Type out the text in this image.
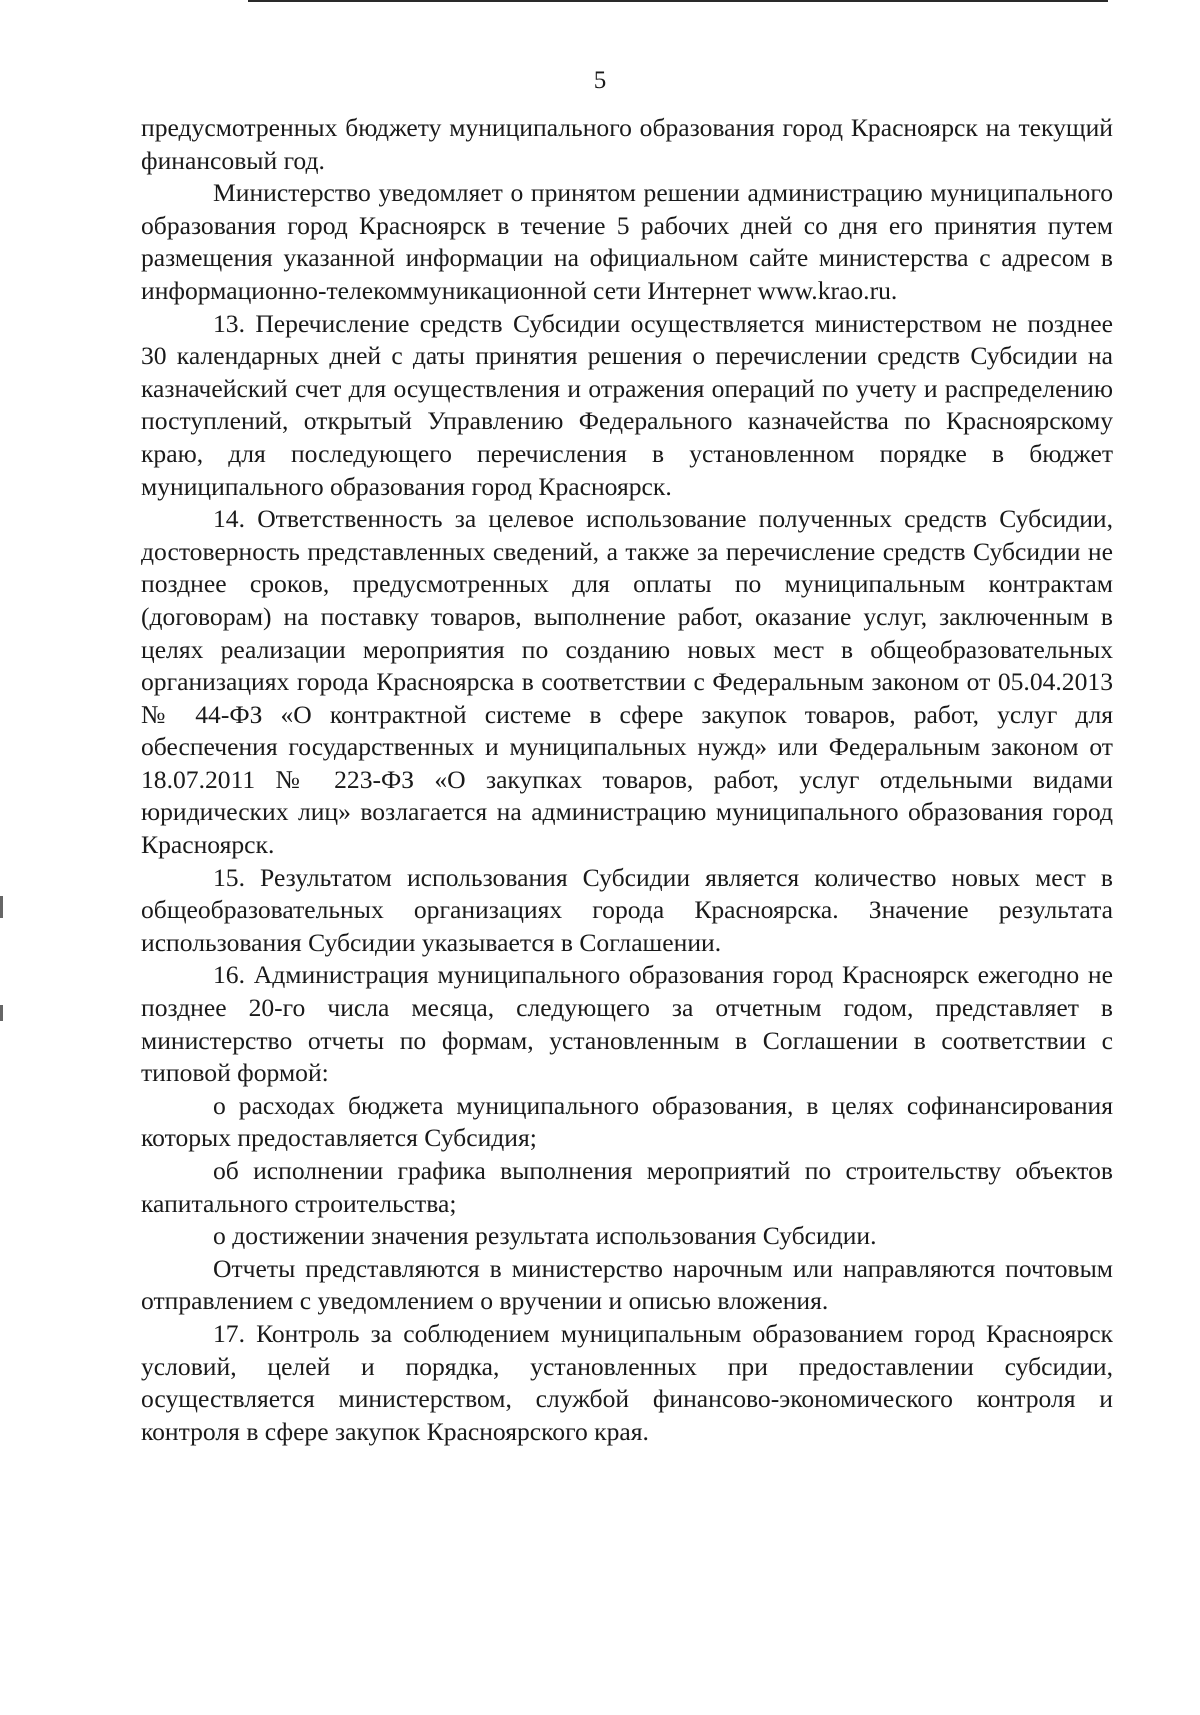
5

предусмотренных бюджету муниципального образования город Красноярск на текущий финансовый год.

Министерство уведомляет о принятом решении администрацию муниципального образования город Красноярск в течение 5 рабочих дней со дня его принятия путем размещения указанной информации на официальном сайте министерства с адресом в информационно-телекоммуникационной сети Интернет www.krao.ru.

13. Перечисление средств Субсидии осуществляется министерством не позднее 30 календарных дней с даты принятия решения о перечислении средств Субсидии на казначейский счет для осуществления и отражения операций по учету и распределению поступлений, открытый Управлению Федерального казначейства по Красноярскому краю, для последующего перечисления в установленном порядке в бюджет муниципального образования город Красноярск.

14. Ответственность за целевое использование полученных средств Субсидии, достоверность представленных сведений, а также за перечисление средств Субсидии не позднее сроков, предусмотренных для оплаты по муниципальным контрактам (договорам) на поставку товаров, выполнение работ, оказание услуг, заключенным в целях реализации мероприятия по созданию новых мест в общеобразовательных организациях города Красноярска в соответствии с Федеральным законом от 05.04.2013 № 44-ФЗ «О контрактной системе в сфере закупок товаров, работ, услуг для обеспечения государственных и муниципальных нужд» или Федеральным законом от 18.07.2011 № 223-ФЗ «О закупках товаров, работ, услуг отдельными видами юридических лиц» возлагается на администрацию муниципального образования город Красноярск.

15. Результатом использования Субсидии является количество новых мест в общеобразовательных организациях города Красноярска. Значение результата использования Субсидии указывается в Соглашении.

16. Администрация муниципального образования город Красноярск ежегодно не позднее 20-го числа месяца, следующего за отчетным годом, представляет в министерство отчеты по формам, установленным в Соглашении в соответствии с типовой формой:

о расходах бюджета муниципального образования, в целях софинансирования которых предоставляется Субсидия;

об исполнении графика выполнения мероприятий по строительству объектов капитального строительства;

о достижении значения результата использования Субсидии.

Отчеты представляются в министерство нарочным или направляются почтовым отправлением с уведомлением о вручении и описью вложения.

17. Контроль за соблюдением муниципальным образованием город Красноярск условий, целей и порядка, установленных при предоставлении субсидии, осуществляется министерством, службой финансово-экономического контроля и контроля в сфере закупок Красноярского края.
